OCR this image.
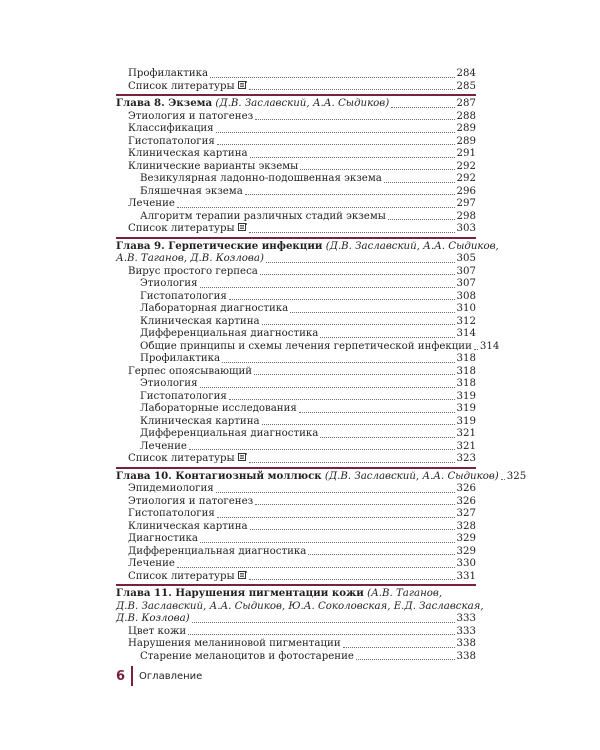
Профилактика	284
Список литературы	285
Глава 8. Экзема (Д.В. Заславский, А.А. Сыдиков)	287
Этиология и патогенез	288
Классификация	289
Гистопатология	289
Клиническая картина	291
Клинические варианты экземы	292
Везикулярная ладонно-подошвенная экзема	292
Бляшечная экзема	296
Лечение	297
Алгоритм терапии различных стадий экземы	298
Список литературы	303
Глава 9. Герпетические инфекции (Д.В. Заславский, А.А. Сыдиков,
А.В. Таганов, Д.В. Козлова)	305
Вирус простого герпеса	307
Этиология	307
Гистопатология	308
Лабораторная диагностика	310
Клиническая картина	312
Дифференциальная диагностика	314
Общие принципы и схемы лечения герпетической инфекции 314
Профилактика	318
Герпес опоясывающий	318
Этиология	318
Гистопатология	319
Лабораторные исследования	319
Клиническая картина	319
Дифференциальная диагностика	321
Лечение	321
Список литературы	323
Глава 10. Контагиозный моллюск (Д.В. Заславский, А.А. Сыдиков) 325
Эпидемиология	326
Этиология и патогенез	326
Гистопатология	327
Клиническая картина	328
Диагностика	329
Дифференциальная диагностика	329
Лечение	330
Список литературы	331
Глава 11. Нарушения пигментации кожи (А.В. Таганов,
Д.В. Заславский, А.А. Сыдиков, Ю.А. Соколовская, Е.Д. Заславская,
Д.В. Козлова)	333
Цвет кожи	333
Нарушения меланиновой пигментации	338
Старение меланоцитов и фотостарение	338
6 Оглавление
